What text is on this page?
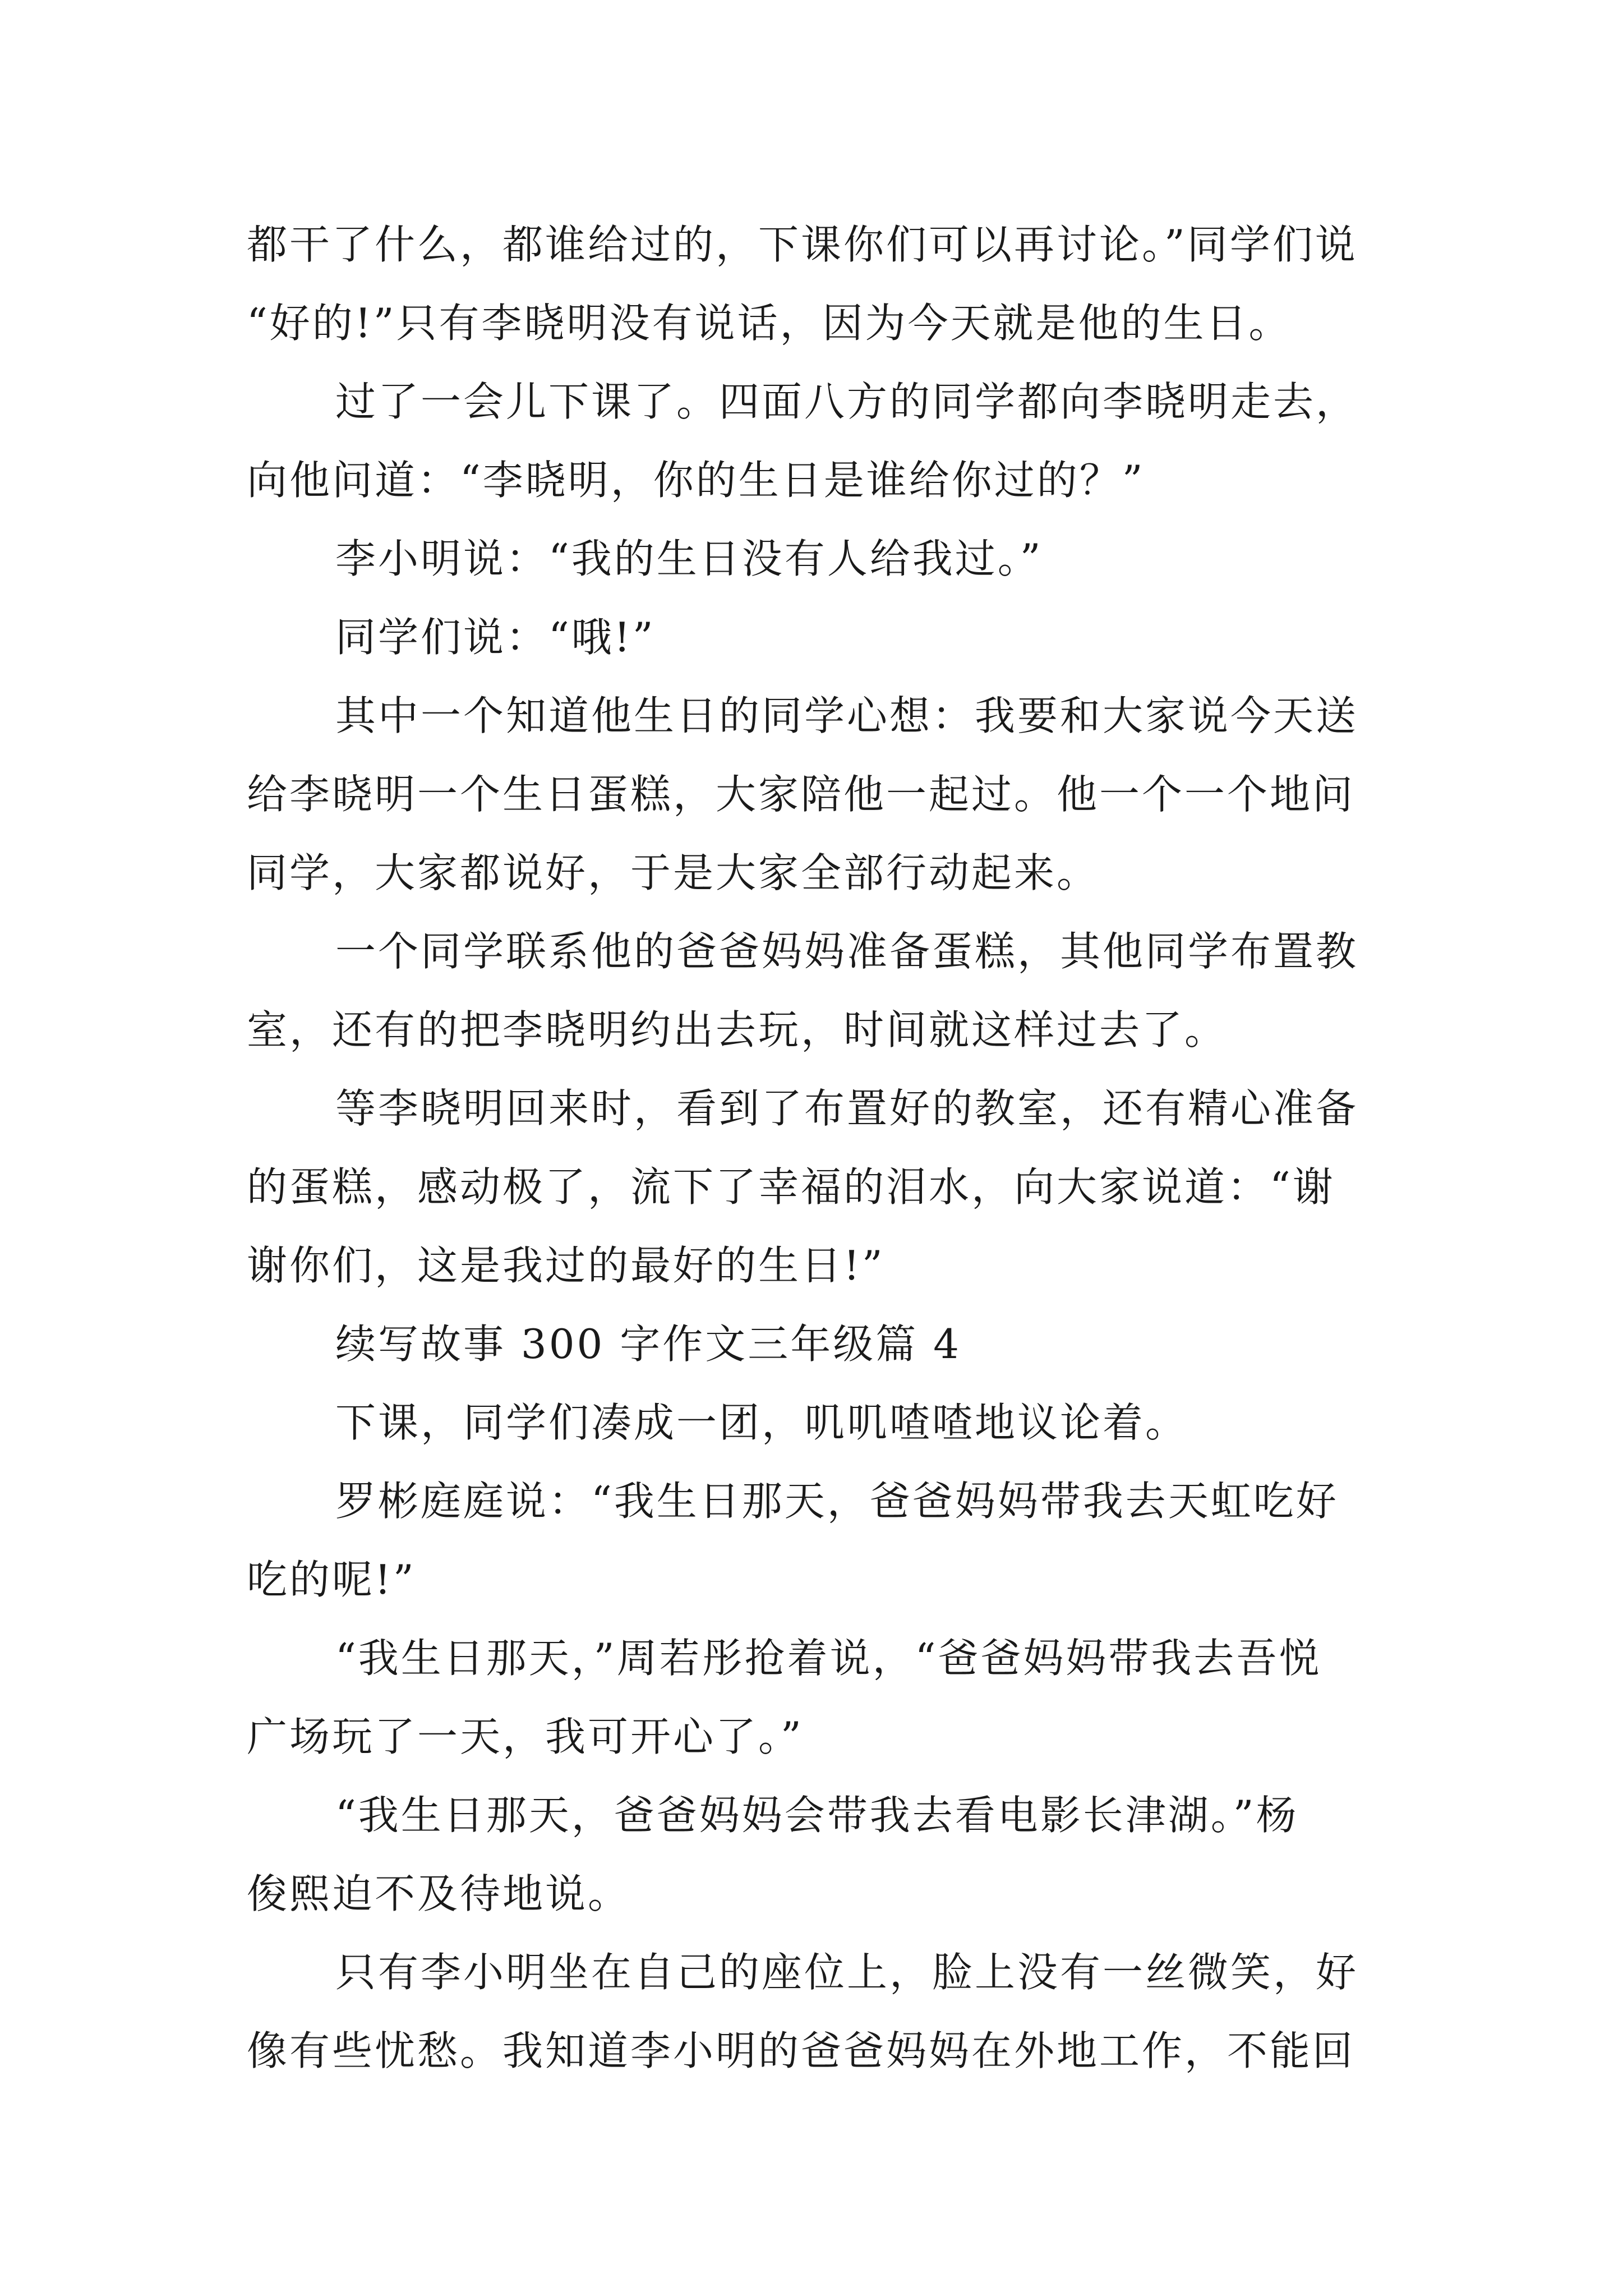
都干了什么，都谁给过的，下课你们可以再讨论。”同学们说
“好的!”只有李晓明没有说话，因为今天就是他的生日。
过了一会儿下课了。四面八方的同学都向李晓明走去，
向他问道：“李晓明，你的生日是谁给你过的？”
李小明说：“我的生日没有人给我过。”
同学们说：“哦!”
其中一个知道他生日的同学心想：我要和大家说今天送
给李晓明一个生日蛋糕，大家陪他一起过。他一个一个地问
同学，大家都说好，于是大家全部行动起来。
一个同学联系他的爸爸妈妈准备蛋糕，其他同学布置教
室，还有的把李晓明约出去玩，时间就这样过去了。
等李晓明回来时，看到了布置好的教室，还有精心准备
的蛋糕，感动极了，流下了幸福的泪水，向大家说道：“谢
谢你们，这是我过的最好的生日!”
续写故事 300 字作文三年级篇 4
下课，同学们凑成一团，叽叽喳喳地议论着。
罗彬庭庭说：“我生日那天，爸爸妈妈带我去天虹吃好
吃的呢!”
“我生日那天，”周若彤抢着说，“爸爸妈妈带我去吾悦
广场玩了一天，我可开心了。”
“我生日那天，爸爸妈妈会带我去看电影长津湖。”杨
俊熙迫不及待地说。
只有李小明坐在自己的座位上，脸上没有一丝微笑，好
像有些忧愁。我知道李小明的爸爸妈妈在外地工作，不能回
